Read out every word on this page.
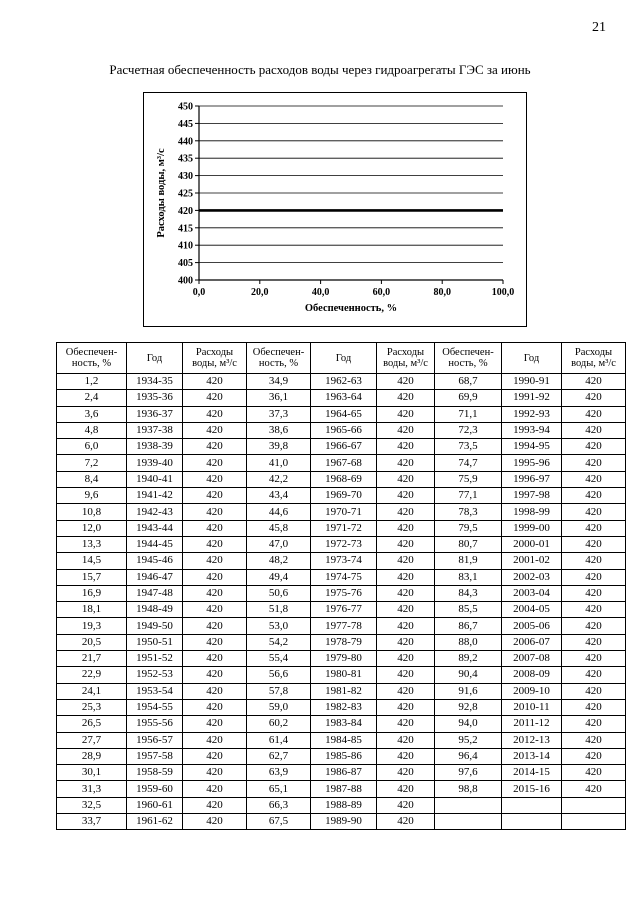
21
Расчетная обеспеченность расходов воды через гидроагрегаты ГЭС за июнь
400
405
410
415
420
425
430
435
440
445
450
0,0	20,0	40,0	60,0	80,0	100,0
Обеспеченность, %
Расходы воды, м³/с
Обеспечен-ность, %	Год	Расходы воды, м³/с	Обеспечен-ность, %	Год	Расходы воды, м³/с	Обеспечен-ность, %	Год	Расходы воды, м³/с
1,2	1934-35	420	34,9	1962-63	420	68,7	1990-91	420
2,4	1935-36	420	36,1	1963-64	420	69,9	1991-92	420
3,6	1936-37	420	37,3	1964-65	420	71,1	1992-93	420
4,8	1937-38	420	38,6	1965-66	420	72,3	1993-94	420
6,0	1938-39	420	39,8	1966-67	420	73,5	1994-95	420
7,2	1939-40	420	41,0	1967-68	420	74,7	1995-96	420
8,4	1940-41	420	42,2	1968-69	420	75,9	1996-97	420
9,6	1941-42	420	43,4	1969-70	420	77,1	1997-98	420
10,8	1942-43	420	44,6	1970-71	420	78,3	1998-99	420
12,0	1943-44	420	45,8	1971-72	420	79,5	1999-00	420
13,3	1944-45	420	47,0	1972-73	420	80,7	2000-01	420
14,5	1945-46	420	48,2	1973-74	420	81,9	2001-02	420
15,7	1946-47	420	49,4	1974-75	420	83,1	2002-03	420
16,9	1947-48	420	50,6	1975-76	420	84,3	2003-04	420
18,1	1948-49	420	51,8	1976-77	420	85,5	2004-05	420
19,3	1949-50	420	53,0	1977-78	420	86,7	2005-06	420
20,5	1950-51	420	54,2	1978-79	420	88,0	2006-07	420
21,7	1951-52	420	55,4	1979-80	420	89,2	2007-08	420
22,9	1952-53	420	56,6	1980-81	420	90,4	2008-09	420
24,1	1953-54	420	57,8	1981-82	420	91,6	2009-10	420
25,3	1954-55	420	59,0	1982-83	420	92,8	2010-11	420
26,5	1955-56	420	60,2	1983-84	420	94,0	2011-12	420
27,7	1956-57	420	61,4	1984-85	420	95,2	2012-13	420
28,9	1957-58	420	62,7	1985-86	420	96,4	2013-14	420
30,1	1958-59	420	63,9	1986-87	420	97,6	2014-15	420
31,3	1959-60	420	65,1	1987-88	420	98,8	2015-16	420
32,5	1960-61	420	66,3	1988-89	420			
33,7	1961-62	420	67,5	1989-90	420			
